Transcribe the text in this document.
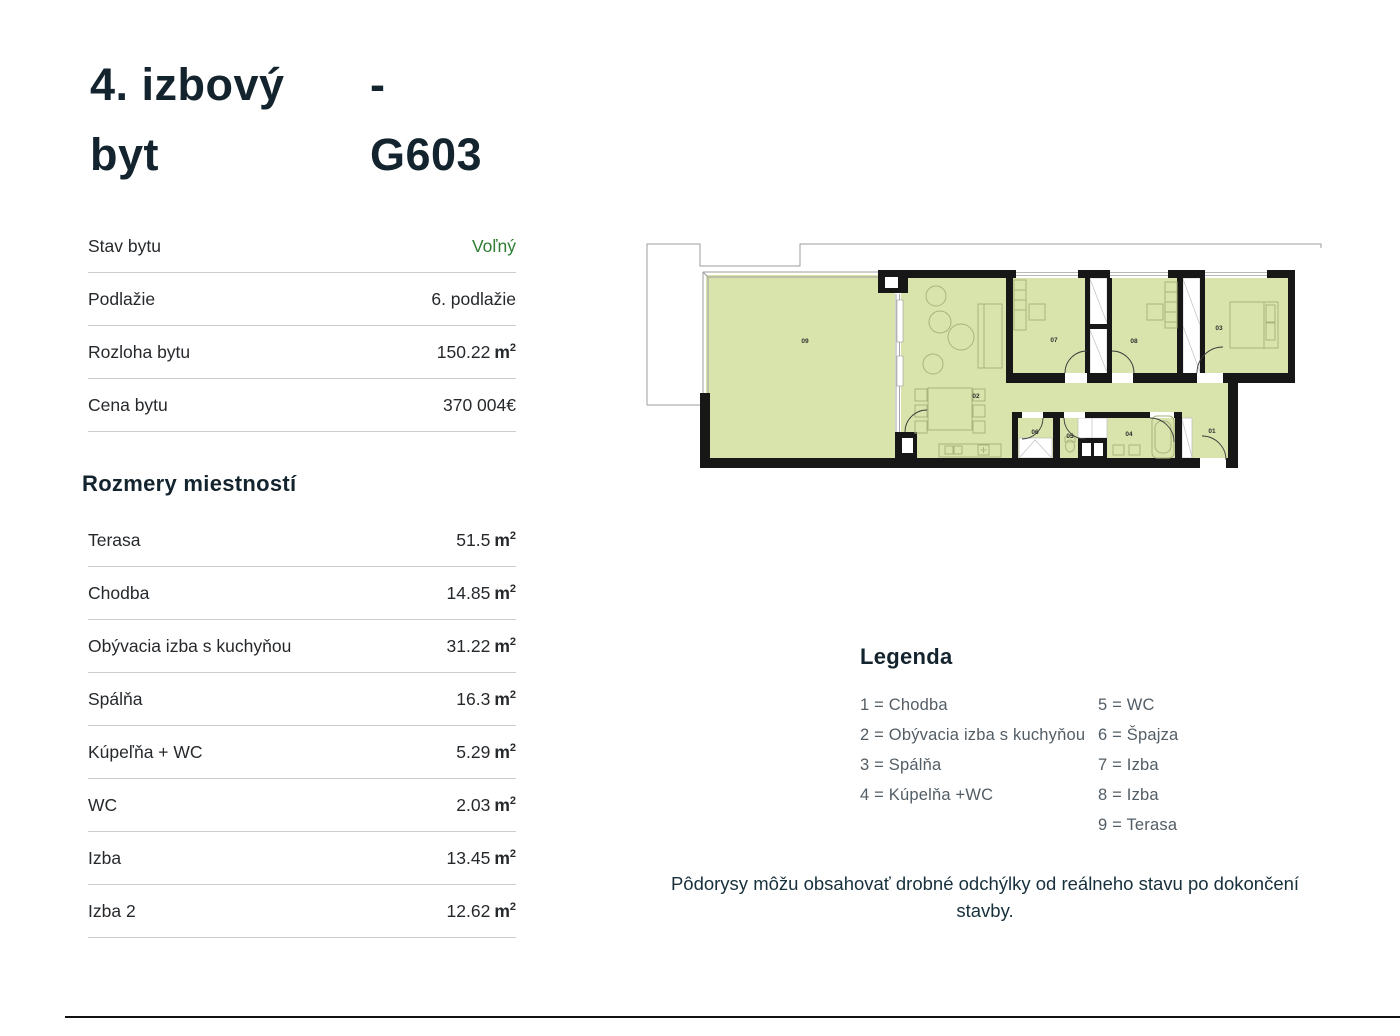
4. izbový	-
byt	G603
Stav bytu	Voľný
Podlažie	6. podlažie
Rozloha bytu	150.22 $m^2$
Cena bytu	370 004€
Rozmery miestností
Terasa	51.5 $m^2$
Chodba	14.85 $m^2$
Obývacia izba s kuchyňou	31.22 $m^2$
Spálňa	16.3 $m^2$
Kúpeľňa + WC	5.29 $m^2$
WC	2.03 $m^2$
Izba	13.45 $m^2$
Izba 2	12.62 $m^2$
09
02
07	08
03
06
05	04	01
Legenda
1 = Chodba
2 = Obývacia izba s kuchyňou
3 = Spálňa
4 = Kúpelňa +WC
5 = WC
6 = Špajza
7 = Izba
8 = Izba
9 = Terasa
Pôdorysy môžu obsahovať drobné odchýlky od reálneho stavu po dokončení stavby.
